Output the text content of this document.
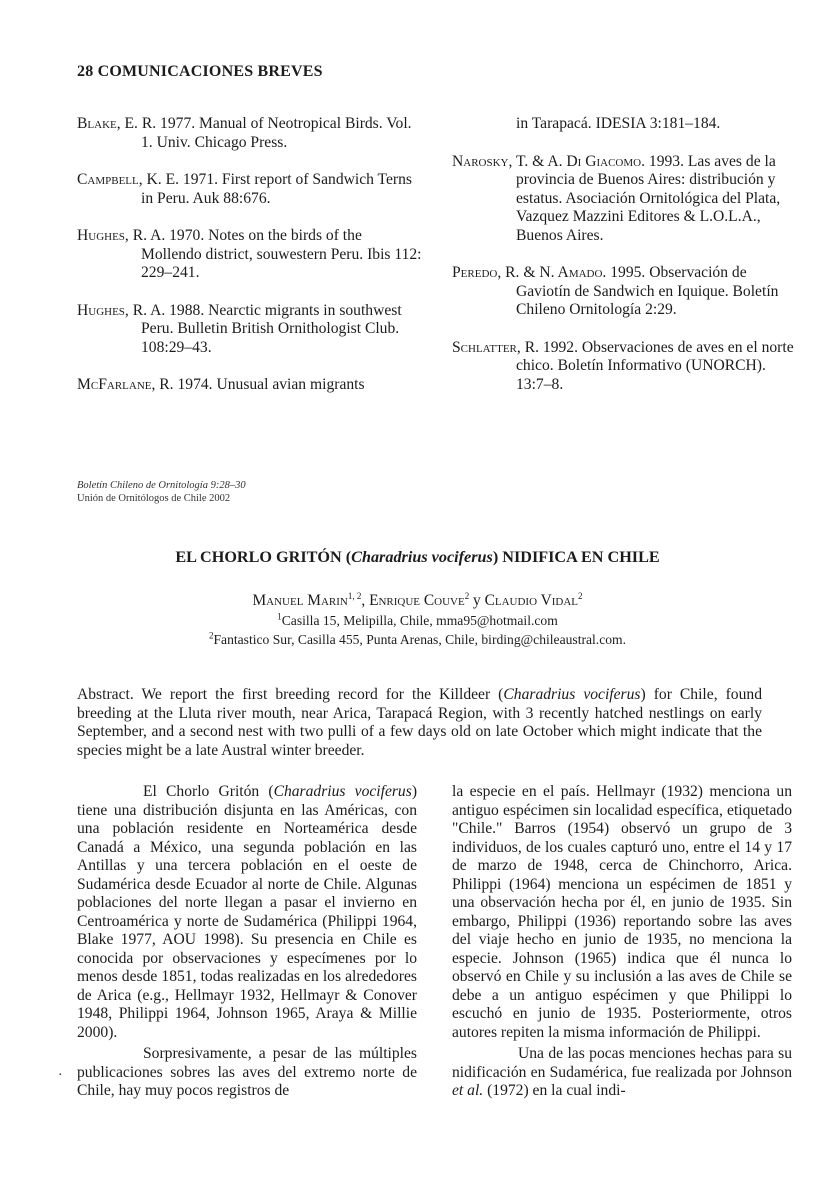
28 COMUNICACIONES BREVES
Blake, E. R. 1977. Manual of Neotropical Birds. Vol. 1. Univ. Chicago Press.
Campbell, K. E. 1971. First report of Sandwich Terns in Peru. Auk 88:676.
Hughes, R. A. 1970. Notes on the birds of the Mollendo district, souwestern Peru. Ibis 112: 229–241.
Hughes, R. A. 1988. Nearctic migrants in southwest Peru. Bulletin British Ornithologist Club. 108:29–43.
McFarlane, R. 1974. Unusual avian migrants
in Tarapacá. IDESIA 3:181–184.
Narosky, T. & A. Di Giacomo. 1993. Las aves de la provincia de Buenos Aires: distribución y estatus. Asociación Ornitológica del Plata, Vazquez Mazzini Editores & L.O.L.A., Buenos Aires.
Peredo, R. & N. Amado. 1995. Observación de Gaviotín de Sandwich en Iquique. Boletín Chileno Ornitología 2:29.
Schlatter, R. 1992. Observaciones de aves en el norte chico. Boletín Informativo (UNORCH). 13:7–8.
Boletín Chileno de Ornitología 9:28–30
Unión de Ornitólogos de Chile 2002
EL CHORLO GRITÓN (Charadrius vociferus) NIDIFICA EN CHILE
Manuel Marin$^{1, 2}$, Enrique Couve$^2$ y Claudio Vidal$^2$
$^1$Casilla 15, Melipilla, Chile, mma95@hotmail.com
$^2$Fantastico Sur, Casilla 455, Punta Arenas, Chile, birding@chileaustral.com.
Abstract. We report the first breeding record for the Killdeer (Charadrius vociferus) for Chile, found breeding at the Lluta river mouth, near Arica, Tarapacá Region, with 3 recently hatched nestlings on early September, and a second nest with two pulli of a few days old on late October which might indicate that the species might be a late Austral winter breeder.

El Chorlo Gritón (Charadrius vociferus) tiene una distribución disjunta en las Américas, con una población residente en Norteamérica desde Canadá a México, una segunda población en las Antillas y una tercera población en el oeste de Sudamérica desde Ecuador al norte de Chile. Algunas poblaciones del norte llegan a pasar el invierno en Centroamérica y norte de Sudamérica (Philippi 1964, Blake 1977, AOU 1998). Su presencia en Chile es conocida por observaciones y especímenes por lo menos desde 1851, todas realizadas en los alrededores de Arica (e.g., Hellmayr 1932, Hellmayr & Conover 1948, Philippi 1964, Johnson 1965, Araya & Millie 2000).

Sorpresivamente, a pesar de las múltiples publicaciones sobres las aves del extremo norte de Chile, hay muy pocos registros de

la especie en el país. Hellmayr (1932) menciona un antiguo espécimen sin localidad específica, etiquetado "Chile." Barros (1954) observó un grupo de 3 individuos, de los cuales capturó uno, entre el 14 y 17 de marzo de 1948, cerca de Chinchorro, Arica. Philippi (1964) menciona un espécimen de 1851 y una observación hecha por él, en junio de 1935. Sin embargo, Philippi (1936) reportando sobre las aves del viaje hecho en junio de 1935, no menciona la especie. Johnson (1965) indica que él nunca lo observó en Chile y su inclusión a las aves de Chile se debe a un antiguo espécimen y que Philippi lo escuchó en junio de 1935. Posteriormente, otros autores repiten la misma información de Philippi.

Una de las pocas menciones hechas para su nidificación en Sudamérica, fue realizada por Johnson et al. (1972) en la cual indi-

·
